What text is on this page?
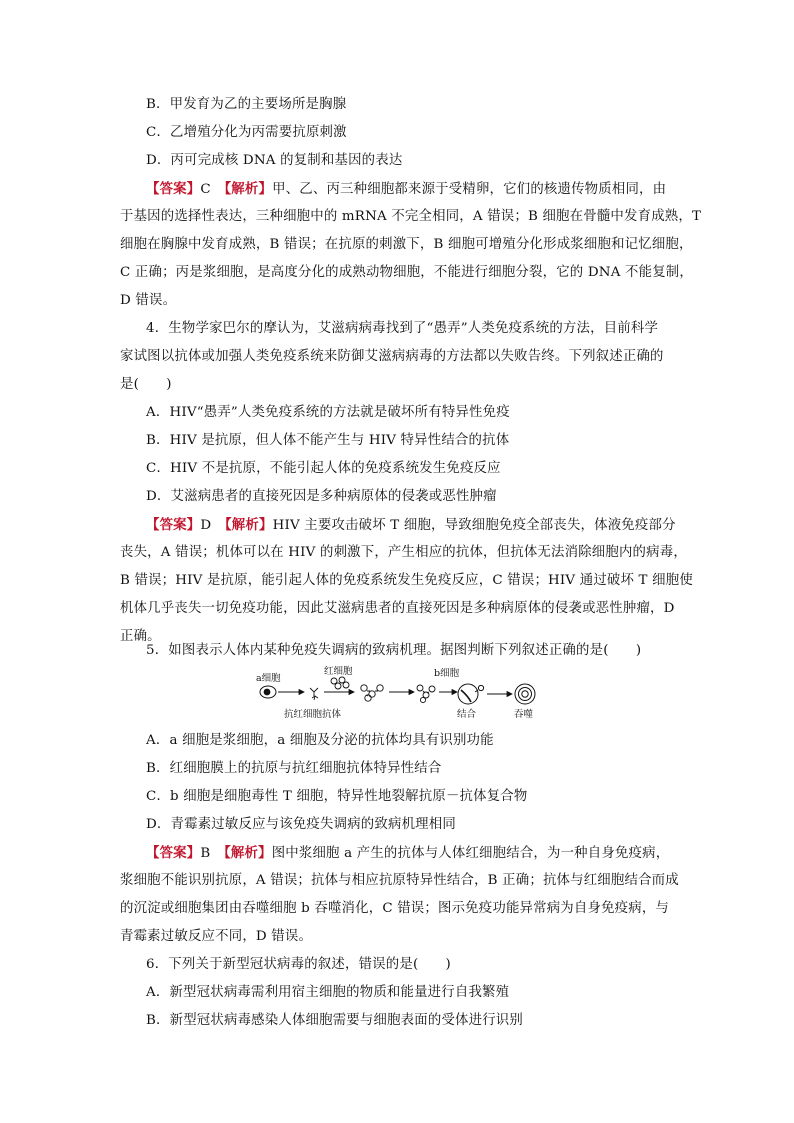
B．甲发育为乙的主要场所是胸腺
C．乙增殖分化为丙需要抗原刺激
D．丙可完成核 DNA 的复制和基因的表达
【答案】C　 【解析】甲、乙、丙三种细胞都来源于受精卵，它们的核遗传物质相同，由
于基因的选择性表达，三种细胞中的 mRNA 不完全相同，A 错误；B 细胞在骨髓中发育成熟，T
细胞在胸腺中发育成熟，B 错误；在抗原的刺激下，B 细胞可增殖分化形成浆细胞和记忆细胞，
C 正确；丙是浆细胞，是高度分化的成熟动物细胞，不能进行细胞分裂，它的 DNA 不能复制，
D 错误。
4．生物学家巴尔的摩认为，艾滋病病毒找到了“愚弄”人类免疫系统的方法，目前科学
家试图以抗体或加强人类免疫系统来防御艾滋病病毒的方法都以失败告终。下列叙述正确的
是(　　)
A．HIV“愚弄”人类免疫系统的方法就是破坏所有特异性免疫
B．HIV 是抗原，但人体不能产生与 HIV 特异性结合的抗体
C．HIV 不是抗原，不能引起人体的免疫系统发生免疫反应
D．艾滋病患者的直接死因是多种病原体的侵袭或恶性肿瘤
【答案】D　 【解析】HIV 主要攻击破坏 T 细胞，导致细胞免疫全部丧失，体液免疫部分
丧失，A 错误；机体可以在 HIV 的刺激下，产生相应的抗体，但抗体无法消除细胞内的病毒，
B 错误；HIV 是抗原，能引起人体的免疫系统发生免疫反应，C 错误；HIV 通过破坏 T 细胞使
机体几乎丧失一切免疫功能，因此艾滋病患者的直接死因是多种病原体的侵袭或恶性肿瘤，D
正确。
5．如图表示人体内某种免疫失调病的致病机理。据图判断下列叙述正确的是(　　)
a细胞
红细胞
抗红细胞抗体
b细胞
结合	吞噬
A．a 细胞是浆细胞，a 细胞及分泌的抗体均具有识别功能
B．红细胞膜上的抗原与抗红细胞抗体特异性结合
C．b 细胞是细胞毒性 T 细胞，特异性地裂解抗原－抗体复合物
D．青霉素过敏反应与该免疫失调病的致病机理相同
【答案】B　 【解析】图中浆细胞 a 产生的抗体与人体红细胞结合，为一种自身免疫病，
浆细胞不能识别抗原，A 错误；抗体与相应抗原特异性结合，B 正确；抗体与红细胞结合而成
的沉淀或细胞集团由吞噬细胞 b 吞噬消化，C 错误；图示免疫功能异常病为自身免疫病，与
青霉素过敏反应不同，D 错误。
6．下列关于新型冠状病毒的叙述，错误的是(　　)
A．新型冠状病毒需利用宿主细胞的物质和能量进行自我繁殖
B．新型冠状病毒感染人体细胞需要与细胞表面的受体进行识别
